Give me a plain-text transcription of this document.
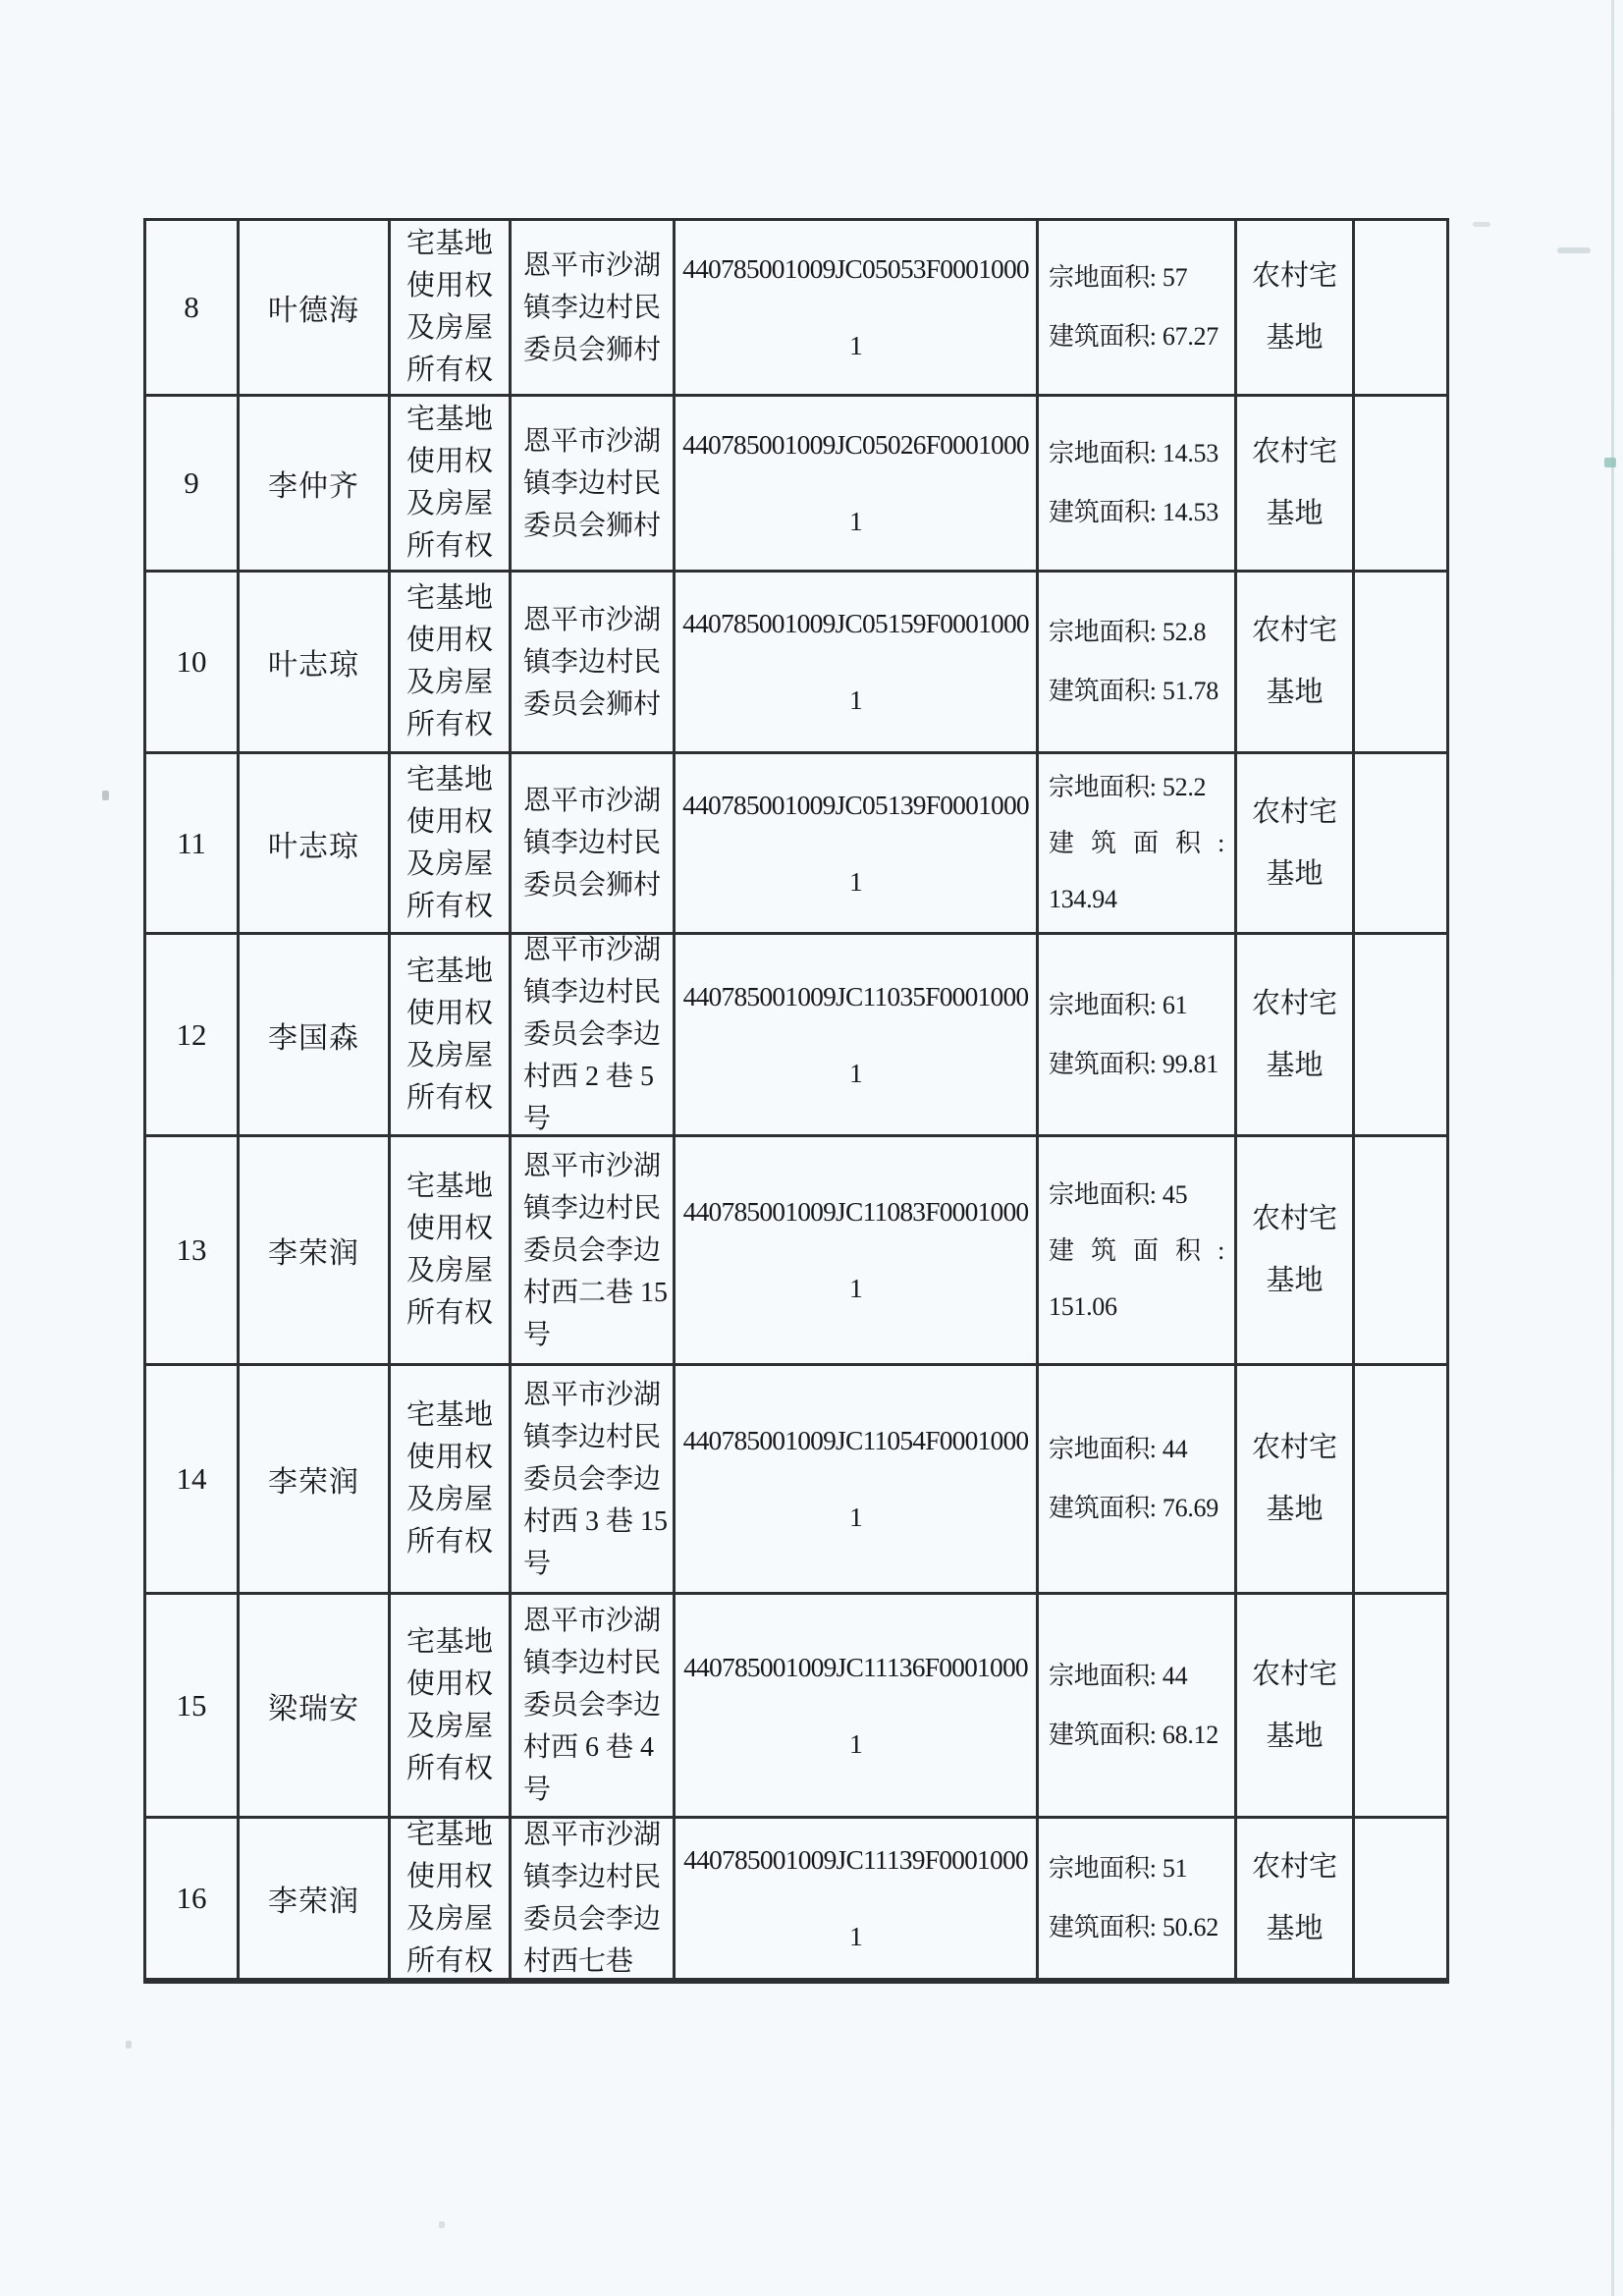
8 叶德海
宅基地
使用权
及房屋
所有权
恩平市沙湖
镇李边村民
委员会狮村
440785001009JC05053F0001000
1
宗地面积: 57
建筑面积: 67.27
农村宅
基地
9 李仲齐
宅基地
使用权
及房屋
所有权
恩平市沙湖
镇李边村民
委员会狮村
440785001009JC05026F0001000
1
宗地面积: 14.53
建筑面积: 14.53
农村宅
基地
10 叶志琼
宅基地
使用权
及房屋
所有权
恩平市沙湖
镇李边村民
委员会狮村
440785001009JC05159F0001000
1
宗地面积: 52.8
建筑面积: 51.78
农村宅
基地
11 叶志琼
宅基地
使用权
及房屋
所有权
恩平市沙湖
镇李边村民
委员会狮村
440785001009JC05139F0001000
1
宗地面积: 52.2
建筑面积:
134.94
农村宅
基地
12 李国森
宅基地
使用权
及房屋
所有权
恩平市沙湖
镇李边村民
委员会李边
村西 2 巷 5
号
440785001009JC11035F0001000
1
宗地面积: 61
建筑面积: 99.81
农村宅
基地
13 李荣润
宅基地
使用权
及房屋
所有权
恩平市沙湖
镇李边村民
委员会李边
村西二巷 15
号
440785001009JC11083F0001000
1
宗地面积: 45
建筑面积:
151.06
农村宅
基地
14 李荣润
宅基地
使用权
及房屋
所有权
恩平市沙湖
镇李边村民
委员会李边
村西 3 巷 15
号
440785001009JC11054F0001000
1
宗地面积: 44
建筑面积: 76.69
农村宅
基地
15 梁瑞安
宅基地
使用权
及房屋
所有权
恩平市沙湖
镇李边村民
委员会李边
村西 6 巷 4
号
440785001009JC11136F0001000
1
宗地面积: 44
建筑面积: 68.12
农村宅
基地
16 李荣润
宅基地
使用权
及房屋
所有权
恩平市沙湖
镇李边村民
委员会李边
村西七巷
440785001009JC11139F0001000
1
宗地面积: 51
建筑面积: 50.62
农村宅
基地
